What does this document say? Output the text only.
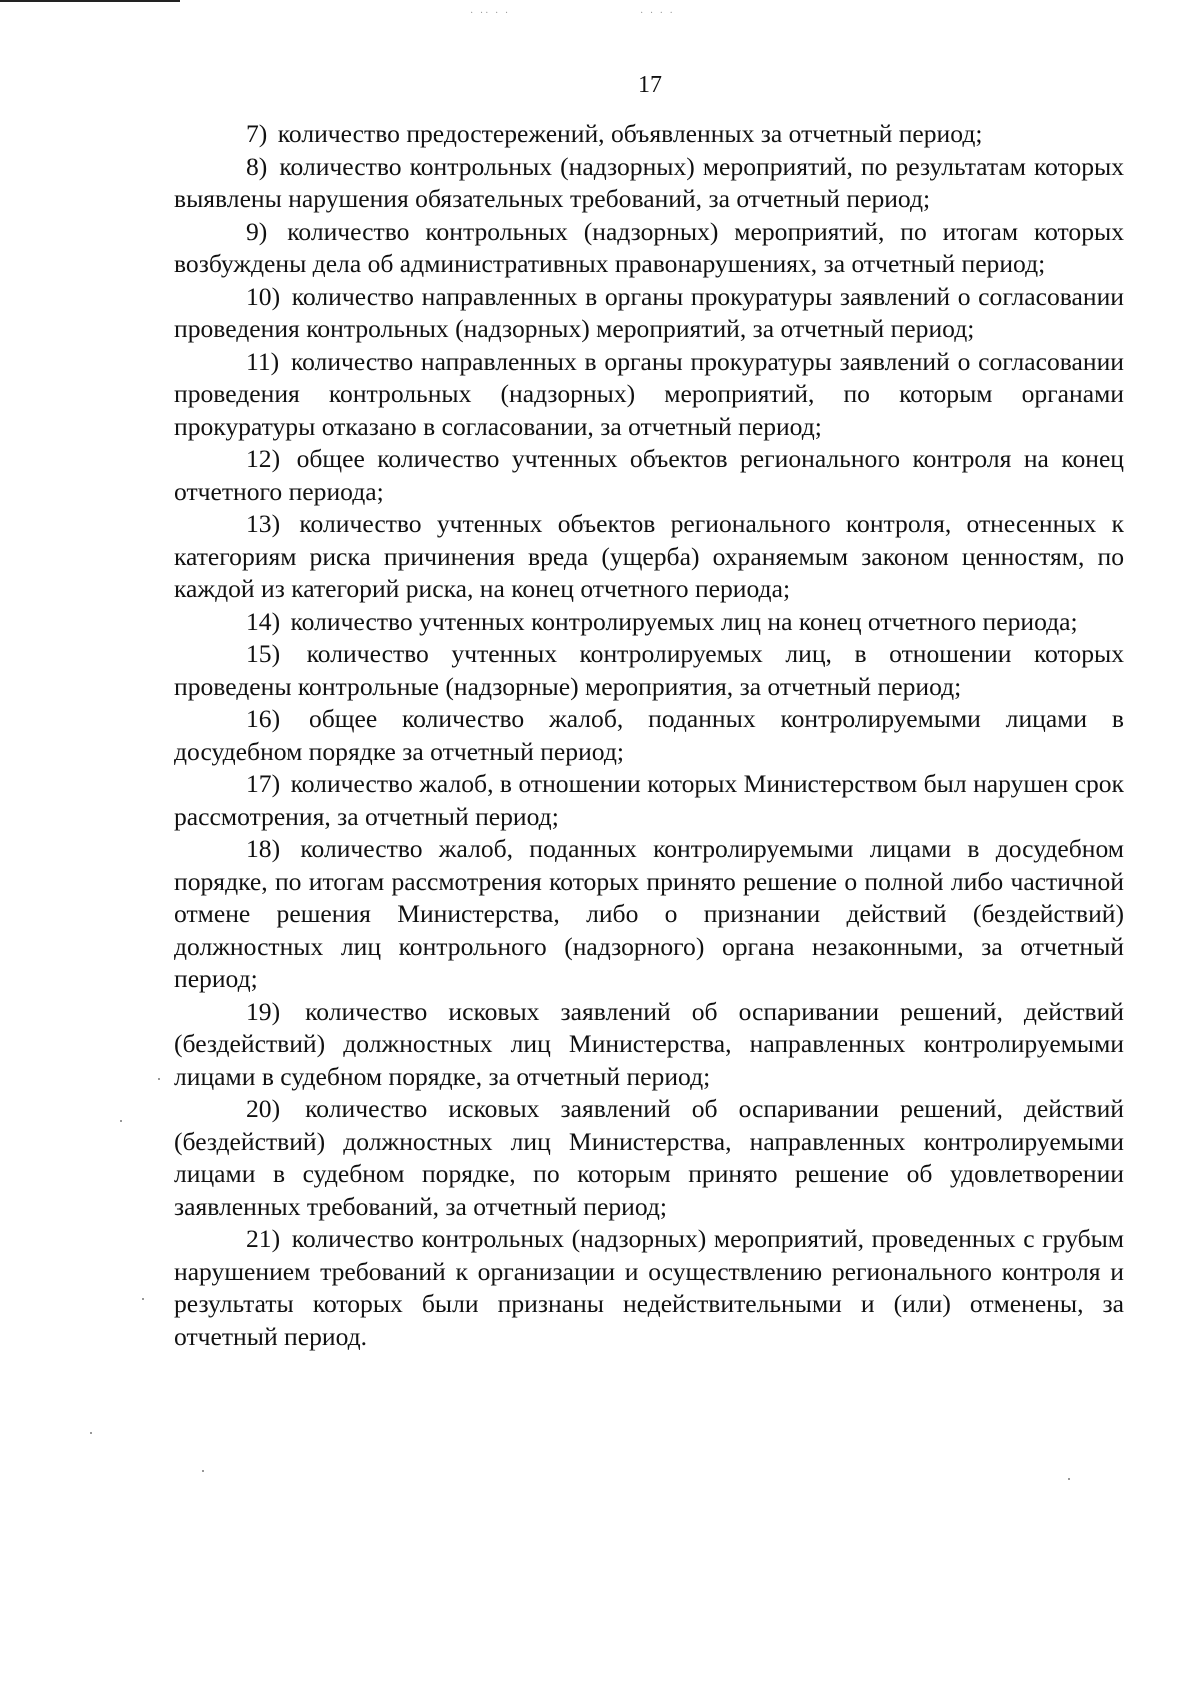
· ·· · ·	· · · ·
17

7) количество предостережений, объявленных за отчетный период;

8) количество контрольных (надзорных) мероприятий, по результатам которых выявлены нарушения обязательных требований, за отчетный период;

9) количество контрольных (надзорных) мероприятий, по итогам которых возбуждены дела об административных правонарушениях, за отчетный период;

10) количество направленных в органы прокуратуры заявлений о согласовании проведения контрольных (надзорных) мероприятий, за отчетный период;

11) количество направленных в органы прокуратуры заявлений о согласовании проведения контрольных (надзорных) мероприятий, по которым органами прокуратуры отказано в согласовании, за отчетный период;

12) общее количество учтенных объектов регионального контроля на конец отчетного периода;

13) количество учтенных объектов регионального контроля, отнесенных к категориям риска причинения вреда (ущерба) охраняемым законом ценностям, по каждой из категорий риска, на конец отчетного периода;

14) количество учтенных контролируемых лиц на конец отчетного периода;

15) количество учтенных контролируемых лиц, в отношении которых проведены контрольные (надзорные) мероприятия, за отчетный период;

16) общее количество жалоб, поданных контролируемыми лицами в досудебном порядке за отчетный период;

17) количество жалоб, в отношении которых Министерством был нарушен срок рассмотрения, за отчетный период;

18) количество жалоб, поданных контролируемыми лицами в досудебном порядке, по итогам рассмотрения которых принято решение о полной либо частичной отмене решения Министерства, либо о признании действий (бездействий) должностных лиц контрольного (надзорного) органа незаконными, за отчетный период;

19) количество исковых заявлений об оспаривании решений, действий (бездействий) должностных лиц Министерства, направленных контролируемыми лицами в судебном порядке, за отчетный период;

20) количество исковых заявлений об оспаривании решений, действий (бездействий) должностных лиц Министерства, направленных контролируемыми лицами в судебном порядке, по которым принято решение об удовлетворении заявленных требований, за отчетный период;

21) количество контрольных (надзорных) мероприятий, проведенных с грубым нарушением требований к организации и осуществлению регионального контроля и результаты которых были признаны недействительными и (или) отменены, за отчетный период.
